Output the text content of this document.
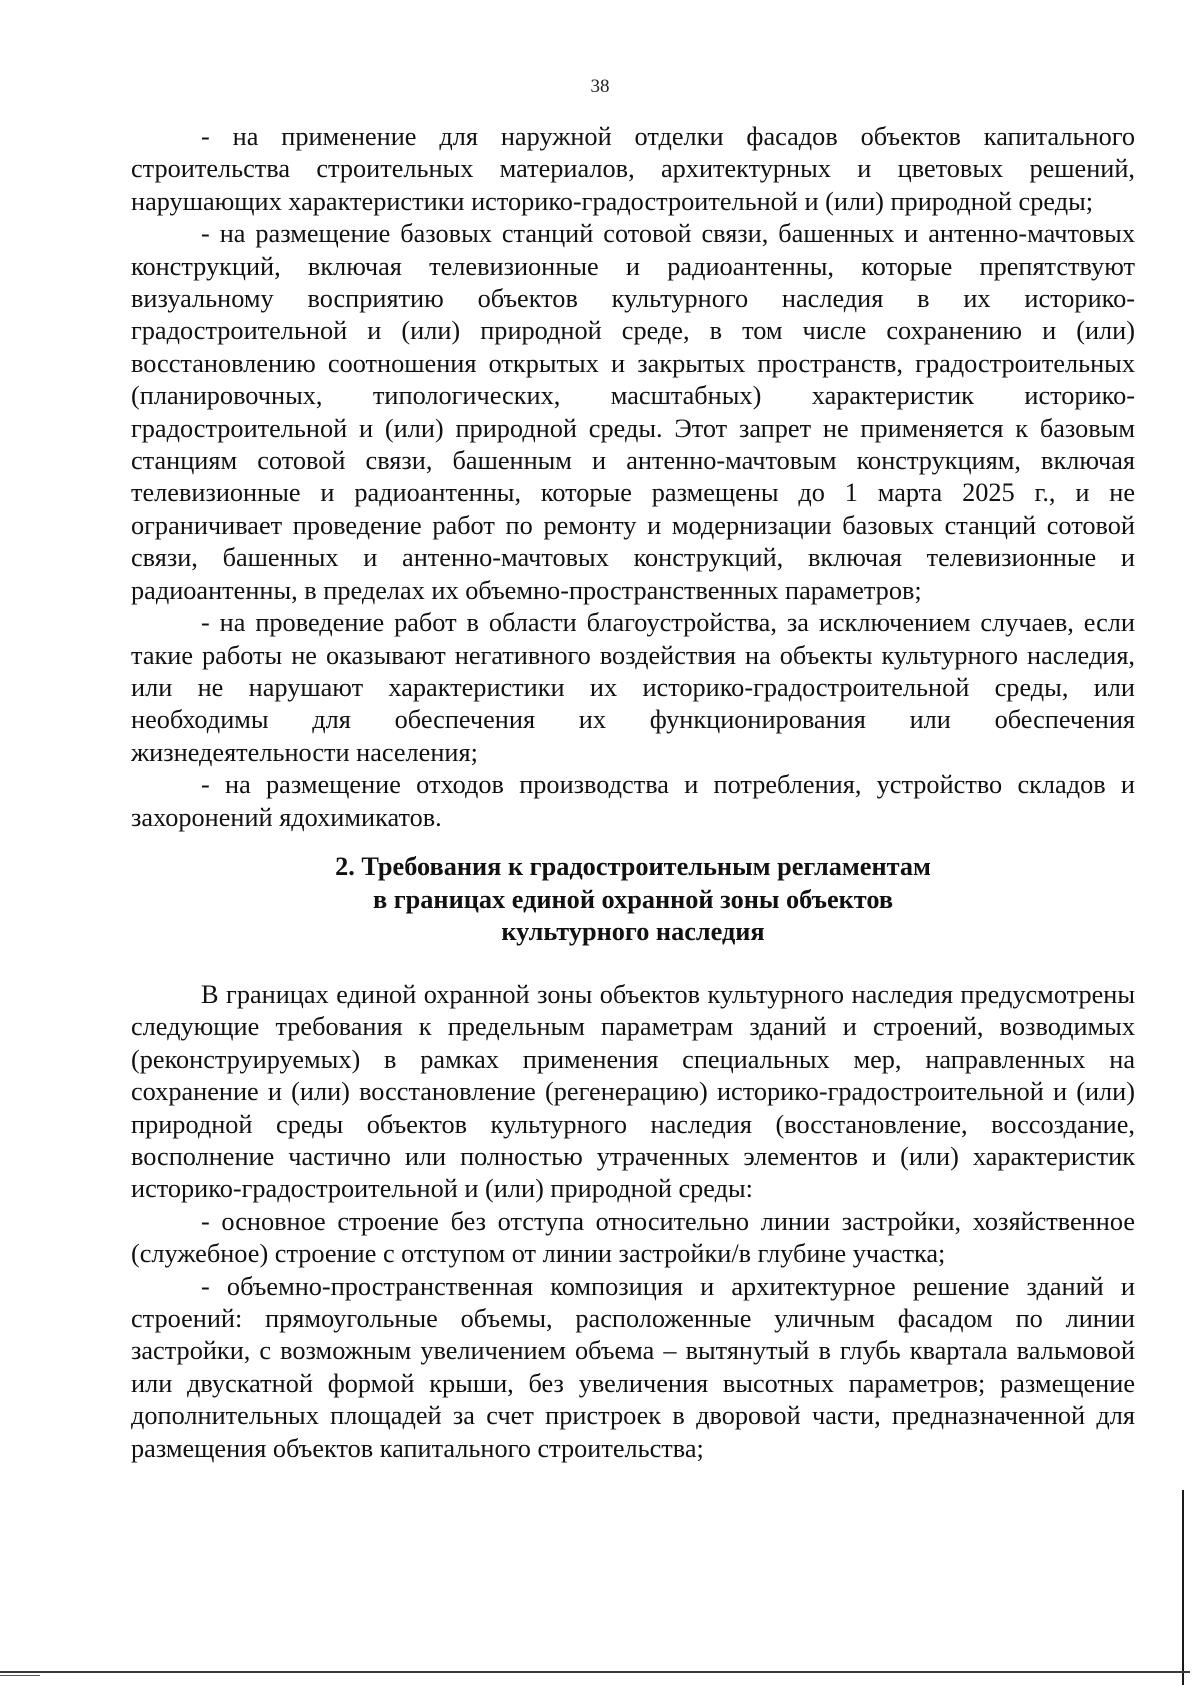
38

- на применение для наружной отделки фасадов объектов капитального строительства строительных материалов, архитектурных и цветовых решений, нарушающих характеристики историко-градостроительной и (или) природной среды;

- на размещение базовых станций сотовой связи, башенных и антенно-мачтовых конструкций, включая телевизионные и радиоантенны, которые препятствуют визуальному восприятию объектов культурного наследия в их историко-градостроительной и (или) природной среде, в том числе сохранению и (или) восстановлению соотношения открытых и закрытых пространств, градостроительных (планировочных, типологических, масштабных) характеристик историко-градостроительной и (или) природной среды. Этот запрет не применяется к базовым станциям сотовой связи, башенным и антенно-мачтовым конструкциям, включая телевизионные и радиоантенны, которые размещены до 1 марта 2025 г., и не ограничивает проведение работ по ремонту и модернизации базовых станций сотовой связи, башенных и антенно-мачтовых конструкций, включая телевизионные и радиоантенны, в пределах их объемно-пространственных параметров;

- на проведение работ в области благоустройства, за исключением случаев, если такие работы не оказывают негативного воздействия на объекты культурного наследия, или не нарушают характеристики их историко-градостроительной среды, или необходимы для обеспечения их функционирования или обеспечения жизнедеятельности населения;

- на размещение отходов производства и потребления, устройство складов и захоронений ядохимикатов.

2. Требования к градостроительным регламентам
в границах единой охранной зоны объектов
культурного наследия

В границах единой охранной зоны объектов культурного наследия предусмотрены следующие требования к предельным параметрам зданий и строений, возводимых (реконструируемых) в рамках применения специальных мер, направленных на сохранение и (или) восстановление (регенерацию) историко-градостроительной и (или) природной среды объектов культурного наследия (восстановление, воссоздание, восполнение частично или полностью утраченных элементов и (или) характеристик историко-градостроительной и (или) природной среды:

- основное строение без отступа относительно линии застройки, хозяйственное (служебное) строение с отступом от линии застройки/в глубине участка;

- объемно-пространственная композиция и архитектурное решение зданий и строений: прямоугольные объемы, расположенные уличным фасадом по линии застройки, с возможным увеличением объема – вытянутый в глубь квартала вальмовой или двускатной формой крыши, без увеличения высотных параметров; размещение дополнительных площадей за счет пристроек в дворовой части, предназначенной для размещения объектов капитального строительства;
